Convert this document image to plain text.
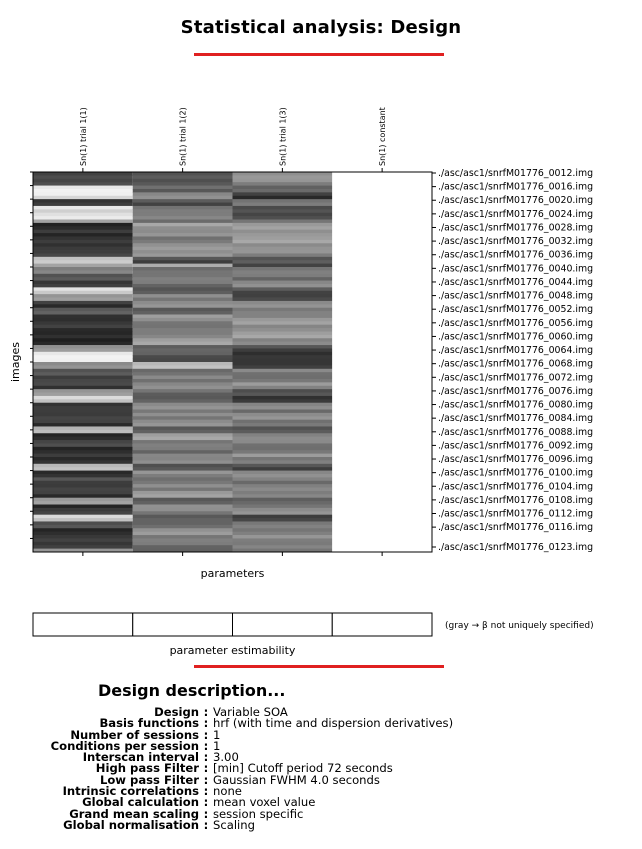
Statistical analysis: Design
Sn(1) trial 1(1)	Sn(1) trial 1(2)	Sn(1) trial 1(3)	Sn(1) constant
./asc/asc1/snrfM01776_0012.img
./asc/asc1/snrfM01776_0016.img
./asc/asc1/snrfM01776_0020.img
./asc/asc1/snrfM01776_0024.img
./asc/asc1/snrfM01776_0028.img
./asc/asc1/snrfM01776_0032.img
./asc/asc1/snrfM01776_0036.img
./asc/asc1/snrfM01776_0040.img
./asc/asc1/snrfM01776_0044.img
./asc/asc1/snrfM01776_0048.img
./asc/asc1/snrfM01776_0052.img
./asc/asc1/snrfM01776_0056.img
./asc/asc1/snrfM01776_0060.img
./asc/asc1/snrfM01776_0064.img
./asc/asc1/snrfM01776_0068.img
./asc/asc1/snrfM01776_0072.img
./asc/asc1/snrfM01776_0076.img
./asc/asc1/snrfM01776_0080.img
./asc/asc1/snrfM01776_0084.img
./asc/asc1/snrfM01776_0088.img
./asc/asc1/snrfM01776_0092.img
./asc/asc1/snrfM01776_0096.img
./asc/asc1/snrfM01776_0100.img
./asc/asc1/snrfM01776_0104.img
./asc/asc1/snrfM01776_0108.img
./asc/asc1/snrfM01776_0112.img
./asc/asc1/snrfM01776_0116.img
./asc/asc1/snrfM01776_0123.img
images
parameters
(gray → β not uniquely specified)
parameter estimability
Design description...
Design : Variable SOA
Basis functions : hrf (with time and dispersion derivatives)
Number of sessions : 1
Conditions per session : 1
Interscan interval : 3.00
High pass Filter : [min] Cutoff period 72 seconds
Low pass Filter : Gaussian FWHM 4.0 seconds
Intrinsic correlations : none
Global calculation : mean voxel value
Grand mean scaling : session specific
Global normalisation : Scaling
